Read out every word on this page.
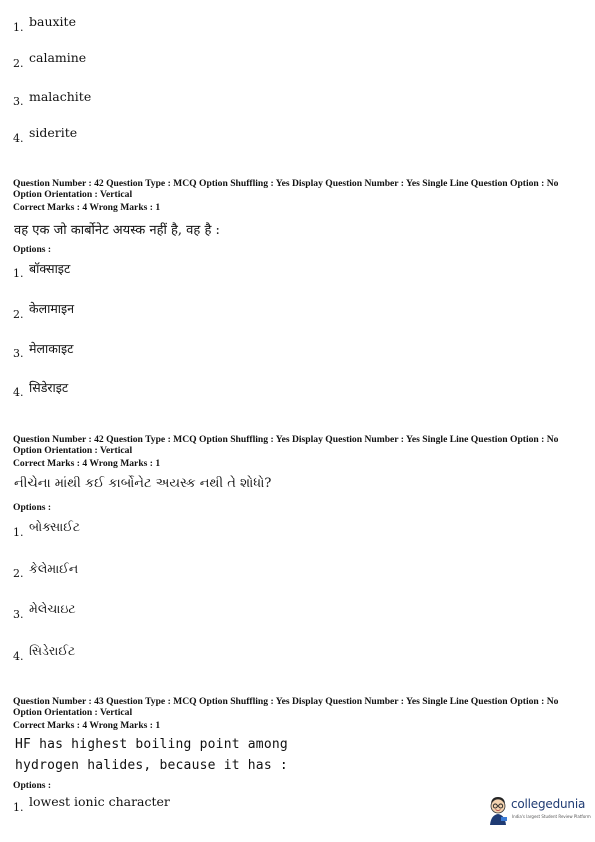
1. bauxite
2. calamine
3. malachite
4. siderite
Question Number : 42 Question Type : MCQ Option Shuffling : Yes Display Question Number : Yes Single Line Question Option : No Option Orientation : Vertical
Correct Marks : 4 Wrong Marks : 1
वह एक जो कार्बोनेट अयस्क नहीं है, वह है :
Options :
1. बॉक्साइट
2. केलामाइन
3. मेलाकाइट
4. सिडेराइट
Question Number : 42 Question Type : MCQ Option Shuffling : Yes Display Question Number : Yes Single Line Question Option : No Option Orientation : Vertical
Correct Marks : 4 Wrong Marks : 1
નીચેના માંથી કઈ કાર્બોનેટ અયસ્ક નથી તે શોધો?
Options :
1. બોક્સાઈટ
2. કેલેમાઈન
3. મેલેચાઇટ
4. સિડેરાઈટ
Question Number : 43 Question Type : MCQ Option Shuffling : Yes Display Question Number : Yes Single Line Question Option : No Option Orientation : Vertical
Correct Marks : 4 Wrong Marks : 1
HF has highest boiling point among
hydrogen halides, because it has :
Options :
1. lowest ionic character	collegedunia
India's largest Student Review Platform
